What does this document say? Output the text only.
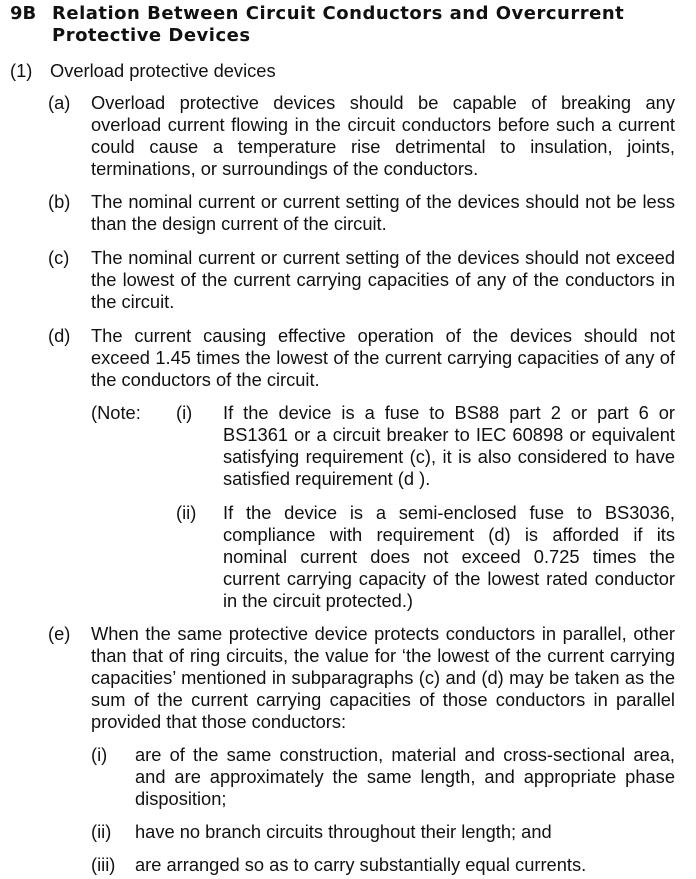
9B Relation Between Circuit Conductors and Overcurrent Protective Devices
(1) Overload protective devices
(a) Overload protective devices should be capable of breaking any overload current flowing in the circuit conductors before such a current could cause a temperature rise detrimental to insulation, joints, terminations, or surroundings of the conductors.
(b) The nominal current or current setting of the devices should not be less than the design current of the circuit.
(c) The nominal current or current setting of the devices should not exceed the lowest of the current carrying capacities of any of the conductors in the circuit.
(d) The current causing effective operation of the devices should not exceed 1.45 times the lowest of the current carrying capacities of any of the conductors of the circuit.
(Note: (i) If the device is a fuse to BS88 part 2 or part 6 or BS1361 or a circuit breaker to IEC 60898 or equivalent satisfying requirement (c), it is also considered to have satisfied requirement (d ).
(ii) If the device is a semi-enclosed fuse to BS3036, compliance with requirement (d) is afforded if its nominal current does not exceed 0.725 times the current carrying capacity of the lowest rated conductor in the circuit protected.)
(e) When the same protective device protects conductors in parallel, other than that of ring circuits, the value for ‘the lowest of the current carrying capacities’ mentioned in subparagraphs (c) and (d) may be taken as the sum of the current carrying capacities of those conductors in parallel provided that those conductors:
(i) are of the same construction, material and cross-sectional area, and are approximately the same length, and appropriate phase disposition;
(ii) have no branch circuits throughout their length; and
(iii) are arranged so as to carry substantially equal currents.
